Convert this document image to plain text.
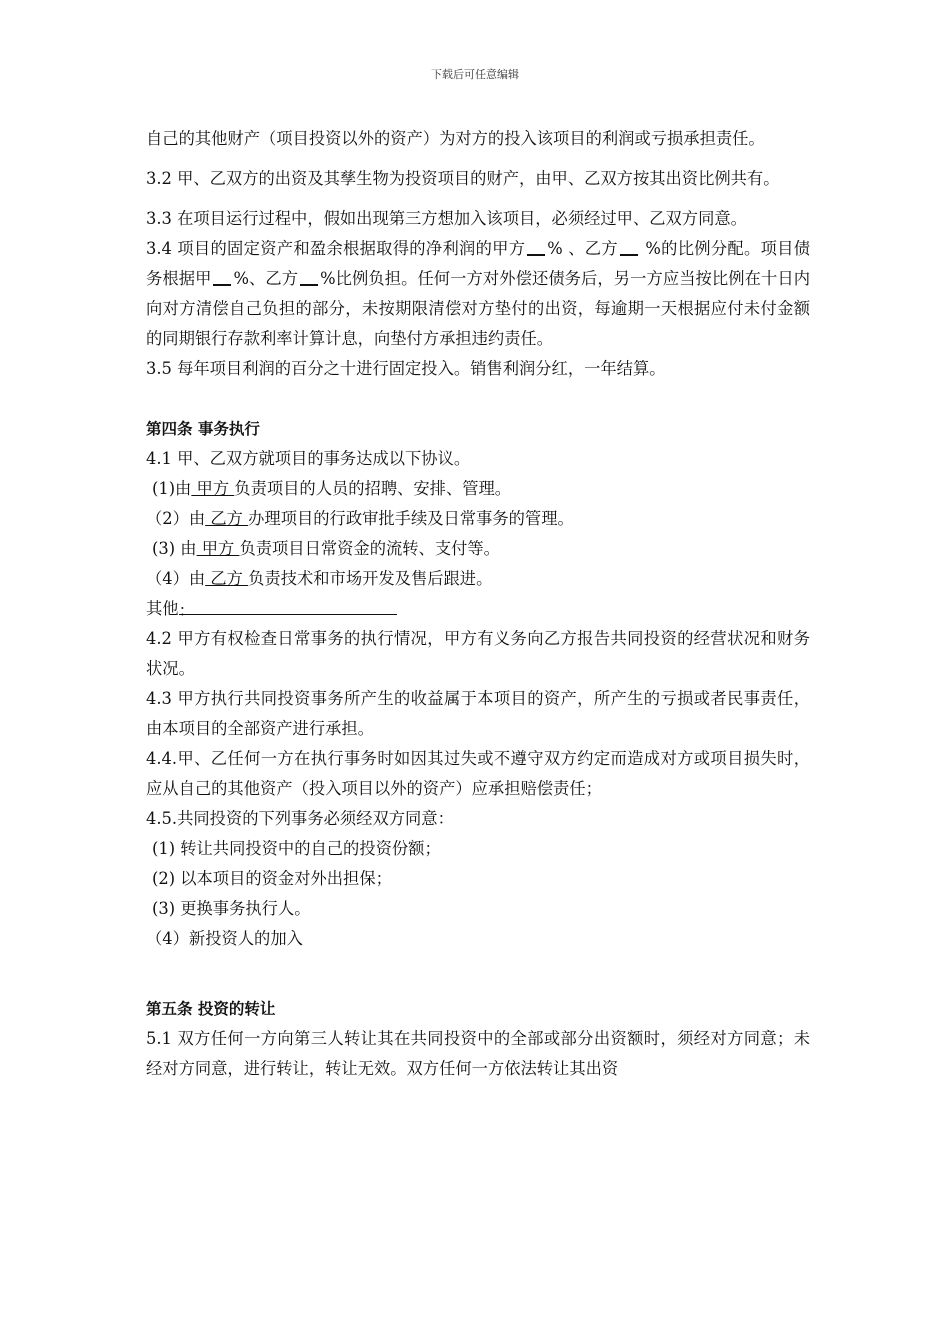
下载后可任意编辑

自己的其他财产（项目投资以外的资产）为对方的投入该项目的利润或亏损承担责任。

3.2 甲、乙双方的出资及其孳生物为投资项目的财产，由甲、乙双方按其出资比例共有。

3.3 在项目运行过程中，假如出现第三方想加入该项目，必须经过甲、乙双方同意。

3.4 项目的固定资产和盈余根据取得的净利润的甲方 % 、乙方 %的比例分配。项目债务根据甲 %、乙方 %比例负担。任何一方对外偿还债务后，另一方应当按比例在十日内向对方清偿自己负担的部分，未按期限清偿对方垫付的出资，每逾期一天根据应付未付金额的同期银行存款利率计算计息，向垫付方承担违约责任。

3.5 每年项目利润的百分之十进行固定投入。销售利润分红，一年结算。

第四条 事务执行

4.1 甲、乙双方就项目的事务达成以下协议。

(1)由 甲方 负责项目的人员的招聘、安排、管理。

（2）由 乙方 办理项目的行政审批手续及日常事务的管理。

(3) 由 甲方 负责项目日常资金的流转、支付等。

（4）由 乙方 负责技术和市场开发及售后跟进。

其他：

4.2 甲方有权检查日常事务的执行情况，甲方有义务向乙方报告共同投资的经营状况和财务状况。

4.3 甲方执行共同投资事务所产生的收益属于本项目的资产，所产生的亏损或者民事责任，由本项目的全部资产进行承担。

4.4.甲、乙任何一方在执行事务时如因其过失或不遵守双方约定而造成对方或项目损失时，应从自己的其他资产（投入项目以外的资产）应承担赔偿责任；

4.5.共同投资的下列事务必须经双方同意：

(1) 转让共同投资中的自己的投资份额；

(2) 以本项目的资金对外出担保；

(3) 更换事务执行人。

（4）新投资人的加入

第五条 投资的转让

5.1 双方任何一方向第三人转让其在共同投资中的全部或部分出资额时，须经对方同意；未经对方同意，进行转让，转让无效。双方任何一方依法转让其出资
